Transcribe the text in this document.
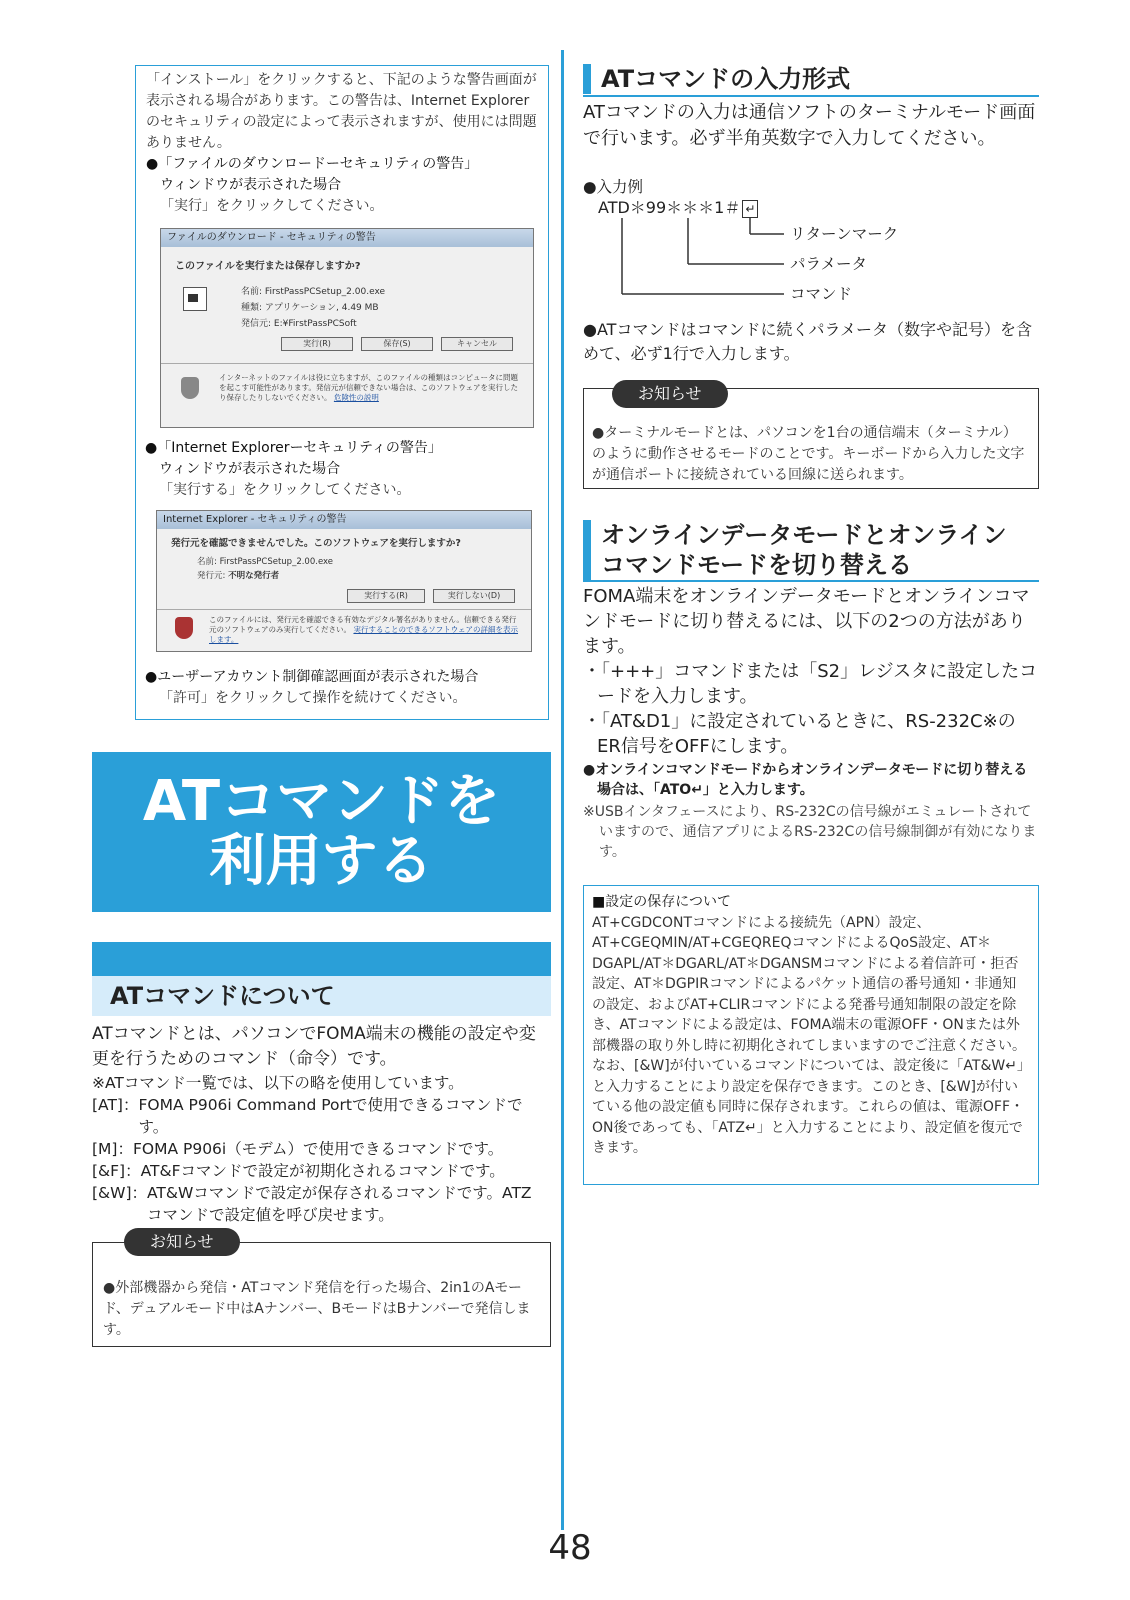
「インストール」をクリックすると、下記のような警告画面が表示される場合があります。この警告は、Internet Explorerのセキュリティの設定によって表示されますが、使用には問題ありません。

●「ファイルのダウンロードーセキュリティの警告」

ウィンドウが表示された場合

「実行」をクリックしてください。

ファイルのダウンロード - セキュリティの警告
このファイルを実行または保存しますか?
名前: FirstPassPCSetup_2.00.exe
種類: アプリケーション, 4.49 MB
発信元: E:¥FirstPassPCSoft
実行(R)	保存(S)	キャンセル
インターネットのファイルは役に立ちますが、このファイルの種類はコンピュータに問題を起こす可能性があります。発信元が信頼できない場合は、このソフトウェアを実行したり保存したりしないでください。 危険性の説明
●「Internet Explorerーセキュリティの警告」
ウィンドウが表示された場合
「実行する」をクリックしてください。
Internet Explorer - セキュリティの警告
発行元を確認できませんでした。このソフトウェアを実行しますか?
名前: FirstPassPCSetup_2.00.exe
発行元: 不明な発行者
実行する(R)	実行しない(D)
このファイルには、発行元を確認できる有効なデジタル署名がありません。信頼できる発行元のソフトウェアのみ実行してください。 実行することのできるソフトウェアの詳細を表示します。
●ユーザーアカウント制御確認画面が表示された場合
「許可」をクリックして操作を続けてください。
ATコマンドを
利用する
ATコマンドについて
ATコマンドとは、パソコンでFOMA端末の機能の設定や変更を行うためのコマンド（命令）です。
※ATコマンド一覧では、以下の略を使用しています。
[AT]： FOMA P906i Command Portで使用できるコマンドです。
[M]： FOMA P906i（モデム）で使用できるコマンドです。
[&F]： AT&Fコマンドで設定が初期化されるコマンドです。
[&W]： AT&Wコマンドで設定が保存されるコマンドです。ATZコマンドで設定値を呼び戻せます。
●外部機器から発信・ATコマンド発信を行った場合、2in1のAモード、デュアルモード中はAナンバー、BモードはBナンバーで発信します。
お知らせ
ATコマンドの入力形式
ATコマンドの入力は通信ソフトのターミナルモード画面で行います。必ず半角英数字で入力してください。
●入力例
ATD＊99＊＊＊1＃ ↵
リターンマーク
パラメータ
コマンド
●ATコマンドはコマンドに続くパラメータ（数字や記号）を含めて、必ず1行で入力します。
●ターミナルモードとは、パソコンを1台の通信端末（ターミナル）のように動作させるモードのことです。キーボードから入力した文字が通信ポートに接続されている回線に送られます。
お知らせ
オンラインデータモードとオンライン
コマンドモードを切り替える
FOMA端末をオンラインデータモードとオンラインコマンドモードに切り替えるには、以下の2つの方法があります。
・「+++」コマンドまたは「S2」レジスタに設定したコードを入力します。
・「AT&D1」に設定されているときに、RS-232C※のER信号をOFFにします。
●オンラインコマンドモードからオンラインデータモードに切り替える場合は、「ATO↵」と入力します。
※USBインタフェースにより、RS-232Cの信号線がエミュレートされていますので、通信アプリによるRS-232Cの信号線制御が有効になります。
■設定の保存について
AT+CGDCONTコマンドによる接続先（APN）設定、AT+CGEQMIN/AT+CGEQREQコマンドによるQoS設定、AT＊DGAPL/AT＊DGARL/AT＊DGANSMコマンドによる着信許可・拒否設定、AT＊DGPIRコマンドによるパケット通信の番号通知・非通知の設定、およびAT+CLIRコマンドによる発番号通知制限の設定を除き、ATコマンドによる設定は、FOMA端末の電源OFF・ONまたは外部機器の取り外し時に初期化されてしまいますのでご注意ください。なお、[&W]が付いているコマンドについては、設定後に「AT&W↵」と入力することにより設定を保存できます。このとき、[&W]が付いている他の設定値も同時に保存されます。これらの値は、電源OFF・ON後であっても、「ATZ↵」と入力することにより、設定値を復元できます。
48
